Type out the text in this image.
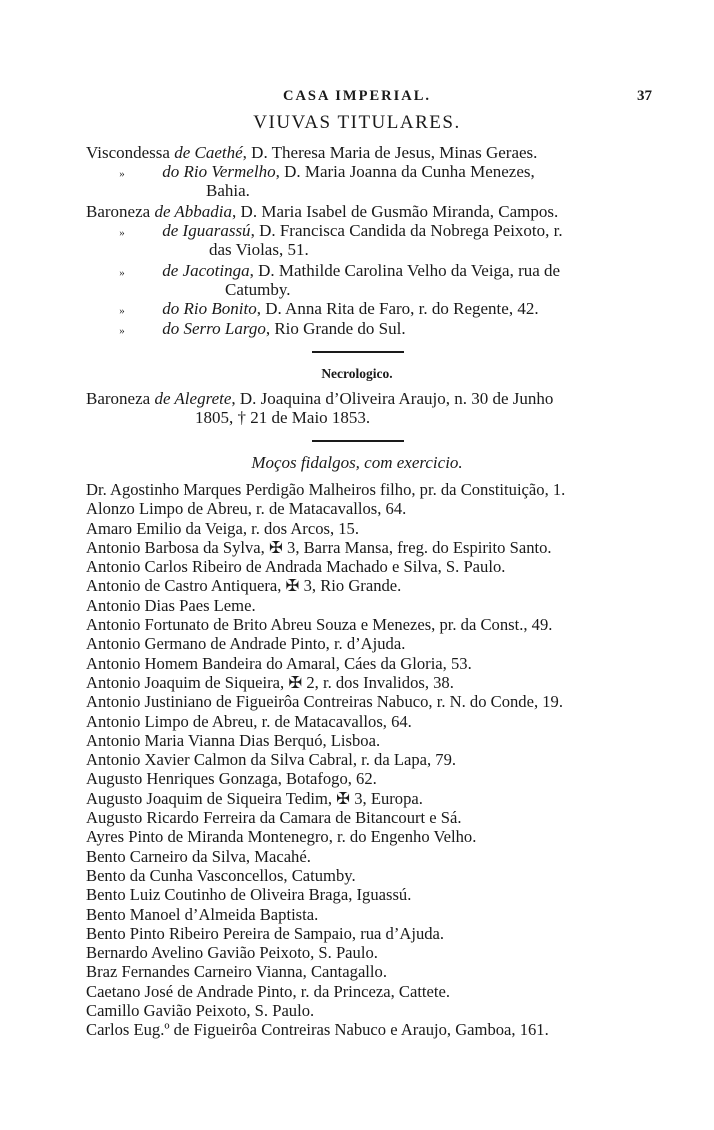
CASA IMPERIAL.	37
VIUVAS TITULARES.
Viscondessa de Caethé, D. Theresa Maria de Jesus, Minas Geraes.
» do Rio Vermelho, D. Maria Joanna da Cunha Menezes,
Bahia.
Baroneza de Abbadia, D. Maria Isabel de Gusmão Miranda, Campos.
» de Iguarassú, D. Francisca Candida da Nobrega Peixoto, r.
das Violas, 51.
» de Jacotinga, D. Mathilde Carolina Velho da Veiga, rua de
Catumby.
» do Rio Bonito, D. Anna Rita de Faro, r. do Regente, 42.
» do Serro Largo, Rio Grande do Sul.
Necrologico.
Baroneza de Alegrete, D. Joaquina d’Oliveira Araujo, n. 30 de Junho
1805, † 21 de Maio 1853.
Moços fidalgos, com exercicio.
Dr. Agostinho Marques Perdigão Malheiros filho, pr. da Constituição, 1.
Alonzo Limpo de Abreu, r. de Matacavallos, 64.
Amaro Emilio da Veiga, r. dos Arcos, 15.
Antonio Barbosa da Sylva, ✠ 3, Barra Mansa, freg. do Espirito Santo.
Antonio Carlos Ribeiro de Andrada Machado e Silva, S. Paulo.
Antonio de Castro Antiquera, ✠ 3, Rio Grande.
Antonio Dias Paes Leme.
Antonio Fortunato de Brito Abreu Souza e Menezes, pr. da Const., 49.
Antonio Germano de Andrade Pinto, r. d’Ajuda.
Antonio Homem Bandeira do Amaral, Cáes da Gloria, 53.
Antonio Joaquim de Siqueira, ✠ 2, r. dos Invalidos, 38.
Antonio Justiniano de Figueirôa Contreiras Nabuco, r. N. do Conde, 19.
Antonio Limpo de Abreu, r. de Matacavallos, 64.
Antonio Maria Vianna Dias Berquó, Lisboa.
Antonio Xavier Calmon da Silva Cabral, r. da Lapa, 79.
Augusto Henriques Gonzaga, Botafogo, 62.
Augusto Joaquim de Siqueira Tedim, ✠ 3, Europa.
Augusto Ricardo Ferreira da Camara de Bitancourt e Sá.
Ayres Pinto de Miranda Montenegro, r. do Engenho Velho.
Bento Carneiro da Silva, Macahé.
Bento da Cunha Vasconcellos, Catumby.
Bento Luiz Coutinho de Oliveira Braga, Iguassú.
Bento Manoel d’Almeida Baptista.
Bento Pinto Ribeiro Pereira de Sampaio, rua d’Ajuda.
Bernardo Avelino Gavião Peixoto, S. Paulo.
Braz Fernandes Carneiro Vianna, Cantagallo.
Caetano José de Andrade Pinto, r. da Princeza, Cattete.
Camillo Gavião Peixoto, S. Paulo.
Carlos Eug.º de Figueirôa Contreiras Nabuco e Araujo, Gamboa, 161.
